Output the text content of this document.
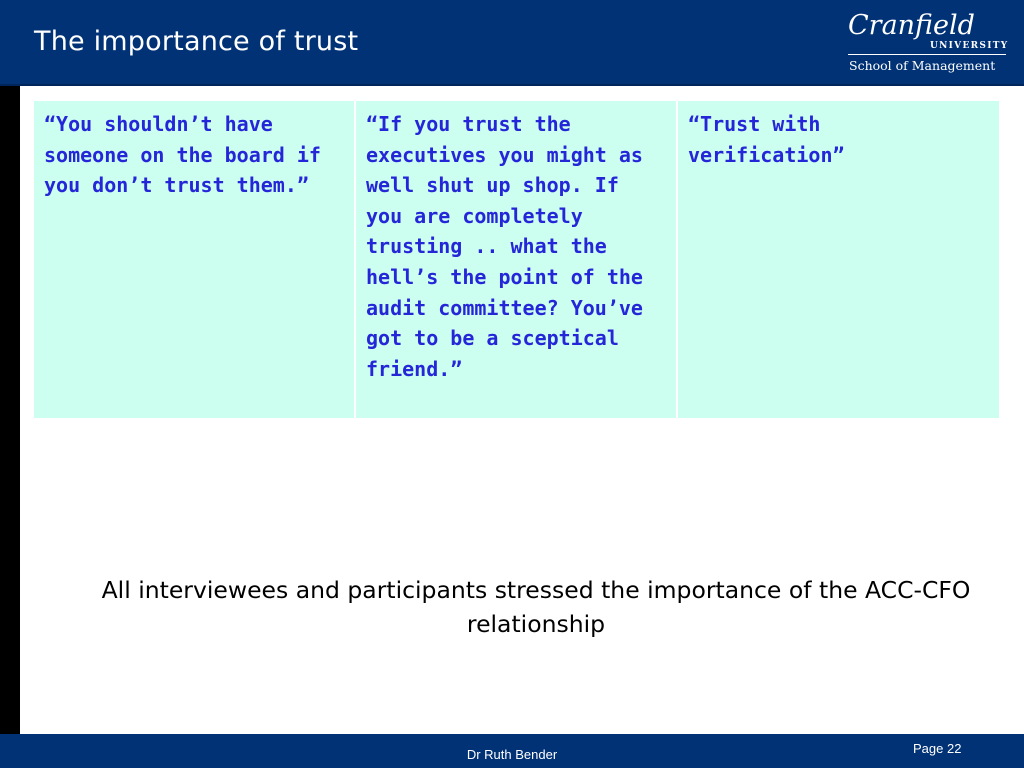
The importance of trust
Cranfield
UNIVERSITY
School of Management
“You shouldn’t have someone on the board if you don’t trust them.”
“If you trust the executives you might as well shut up shop. If you are completely trusting .. what the hell’s the point of the audit committee? You’ve got to be a sceptical friend.”
“Trust with verification”
All interviewees and participants stressed the importance of the ACC-CFO relationship
Dr Ruth Bender	Page 22
